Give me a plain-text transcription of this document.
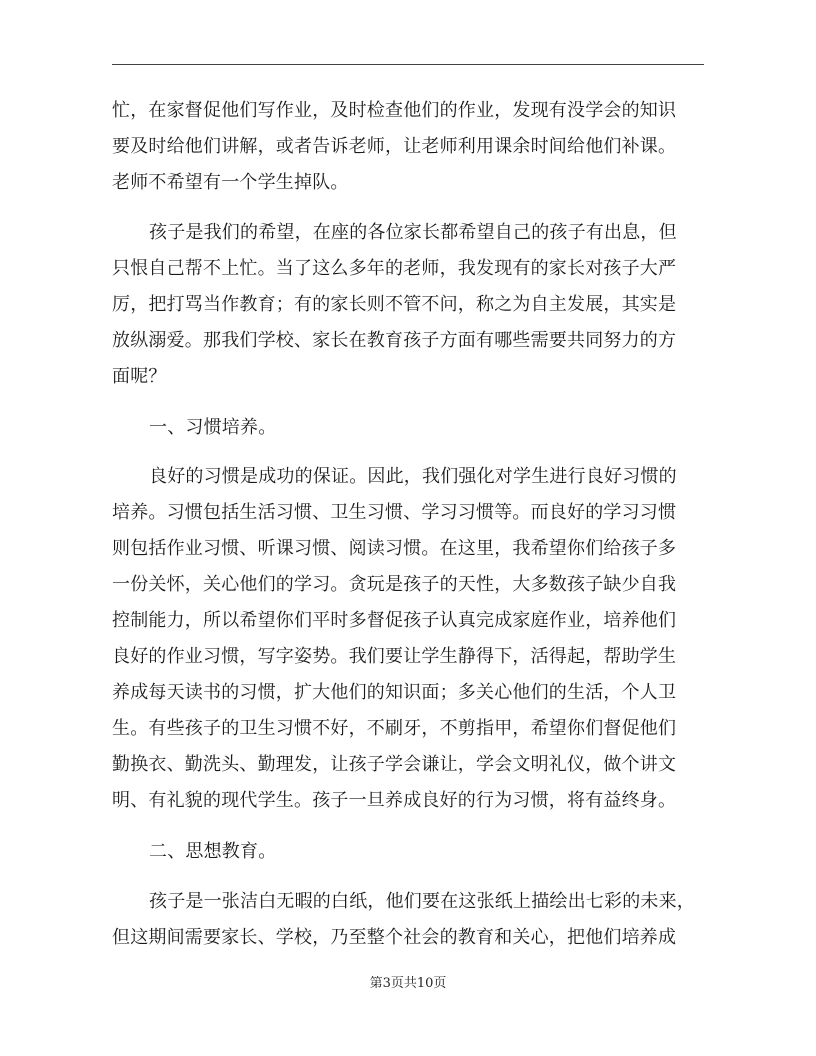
忙，在家督促他们写作业，及时检查他们的作业，发现有没学会的知识
要及时给他们讲解，或者告诉老师，让老师利用课余时间给他们补课。
老师不希望有一个学生掉队。
孩子是我们的希望，在座的各位家长都希望自己的孩子有出息，但
只恨自己帮不上忙。当了这么多年的老师，我发现有的家长对孩子大严
厉，把打骂当作教育；有的家长则不管不问，称之为自主发展，其实是
放纵溺爱。那我们学校、家长在教育孩子方面有哪些需要共同努力的方
面呢？
一、习惯培养。
良好的习惯是成功的保证。因此，我们强化对学生进行良好习惯的
培养。习惯包括生活习惯、卫生习惯、学习习惯等。而良好的学习习惯
则包括作业习惯、听课习惯、阅读习惯。在这里，我希望你们给孩子多
一份关怀，关心他们的学习。贪玩是孩子的天性，大多数孩子缺少自我
控制能力，所以希望你们平时多督促孩子认真完成家庭作业，培养他们
良好的作业习惯，写字姿势。我们要让学生静得下，活得起，帮助学生
养成每天读书的习惯，扩大他们的知识面；多关心他们的生活，个人卫
生。有些孩子的卫生习惯不好，不刷牙，不剪指甲，希望你们督促他们
勤换衣、勤洗头、勤理发，让孩子学会谦让，学会文明礼仪，做个讲文
明、有礼貌的现代学生。孩子一旦养成良好的行为习惯，将有益终身。
二、思想教育。
孩子是一张洁白无暇的白纸，他们要在这张纸上描绘出七彩的未来，
但这期间需要家长、学校，乃至整个社会的教育和关心，把他们培养成
第3页共10页
